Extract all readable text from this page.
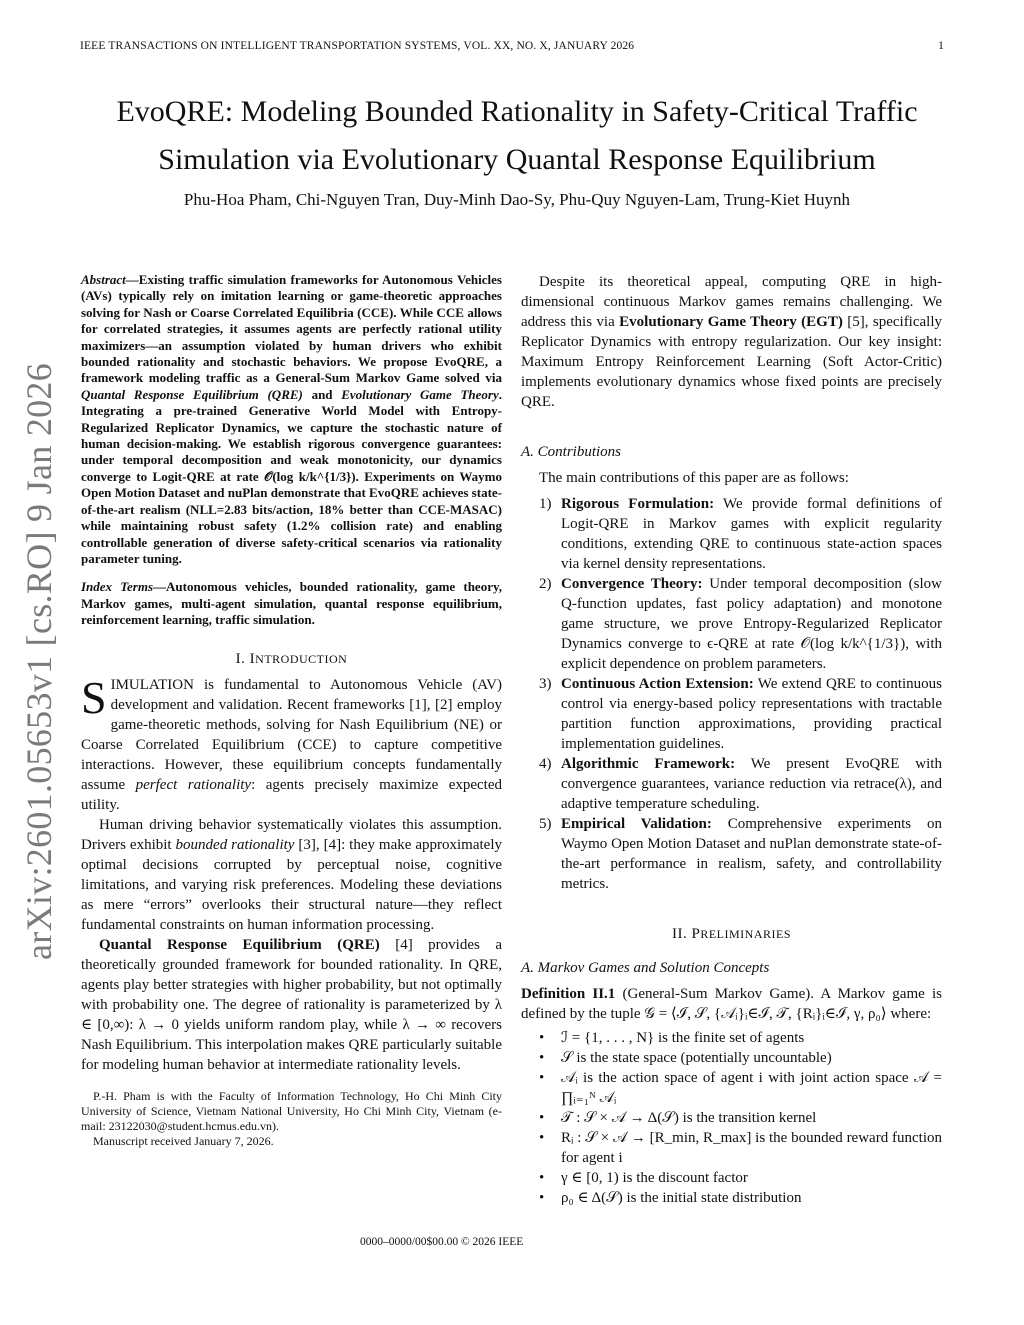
IEEE TRANSACTIONS ON INTELLIGENT TRANSPORTATION SYSTEMS, VOL. XX, NO. X, JANUARY 2026	1
arXiv:2601.05653v1 [cs.RO] 9 Jan 2026
EvoQRE: Modeling Bounded Rationality in Safety-Critical Traffic
Simulation via Evolutionary Quantal Response Equilibrium
Phu-Hoa Pham, Chi-Nguyen Tran, Duy-Minh Dao-Sy, Phu-Quy Nguyen-Lam, Trung-Kiet Huynh
Abstract—Existing traffic simulation frameworks for Autonomous Vehicles (AVs) typically rely on imitation learning or game-theoretic approaches solving for Nash or Coarse Correlated Equilibria (CCE). While CCE allows for correlated strategies, it assumes agents are perfectly rational utility maximizers—an assumption violated by human drivers who exhibit bounded rationality and stochastic behaviors. We propose EvoQRE, a framework modeling traffic as a General-Sum Markov Game solved via Quantal Response Equilibrium (QRE) and Evolutionary Game Theory. Integrating a pre-trained Generative World Model with Entropy-Regularized Replicator Dynamics, we capture the stochastic nature of human decision-making. We establish rigorous convergence guarantees: under temporal decomposition and weak monotonicity, our dynamics converge to Logit-QRE at rate 𝒪(log k/k^{1/3}). Experiments on Waymo Open Motion Dataset and nuPlan demonstrate that EvoQRE achieves state-of-the-art realism (NLL=2.83 bits/action, 18% better than CCE-MASAC) while maintaining robust safety (1.2% collision rate) and enabling controllable generation of diverse safety-critical scenarios via rationality parameter tuning.
Index Terms—Autonomous vehicles, bounded rationality, game theory, Markov games, multi-agent simulation, quantal response equilibrium, reinforcement learning, traffic simulation.
I. INTRODUCTION

SIMULATION is fundamental to Autonomous Vehicle (AV) development and validation. Recent frameworks [1], [2] employ game-theoretic methods, solving for Nash Equilibrium (NE) or Coarse Correlated Equilibrium (CCE) to capture competitive interactions. However, these equilibrium concepts fundamentally assume perfect rationality: agents precisely maximize expected utility.

Human driving behavior systematically violates this assumption. Drivers exhibit bounded rationality [3], [4]: they make approximately optimal decisions corrupted by perceptual noise, cognitive limitations, and varying risk preferences. Modeling these deviations as mere “errors” overlooks their structural nature—they reflect fundamental constraints on human information processing.

Quantal Response Equilibrium (QRE) [4] provides a theoretically grounded framework for bounded rationality. In QRE, agents play better strategies with higher probability, but not optimally with probability one. The degree of rationality is parameterized by λ ∈ [0,∞): λ → 0 yields uniform random play, while λ → ∞ recovers Nash Equilibrium. This interpolation makes QRE particularly suitable for modeling human behavior at intermediate rationality levels.

P.-H. Pham is with the Faculty of Information Technology, Ho Chi Minh City University of Science, Vietnam National University, Ho Chi Minh City, Vietnam (e-mail: 23122030@student.hcmus.edu.vn).

Manuscript received January 7, 2026.

Despite its theoretical appeal, computing QRE in high-dimensional continuous Markov games remains challenging. We address this via Evolutionary Game Theory (EGT) [5], specifically Replicator Dynamics with entropy regularization. Our key insight: Maximum Entropy Reinforcement Learning (Soft Actor-Critic) implements evolutionary dynamics whose fixed points are precisely QRE.

A. Contributions

The main contributions of this paper are as follows:

1) Rigorous Formulation: We provide formal definitions of Logit-QRE in Markov games with explicit regularity conditions, extending QRE to continuous state-action spaces via kernel density representations.
2) Convergence Theory: Under temporal decomposition (slow Q-function updates, fast policy adaptation) and monotone game structure, we prove Entropy-Regularized Replicator Dynamics converge to ϵ-QRE at rate 𝒪(log k/k^{1/3}), with explicit dependence on problem parameters.
3) Continuous Action Extension: We extend QRE to continuous control via energy-based policy representations with tractable partition function approximations, providing practical implementation guidelines.
4) Algorithmic Framework: We present EvoQRE with convergence guarantees, variance reduction via retrace(λ), and adaptive temperature scheduling.
5) Empirical Validation: Comprehensive experiments on Waymo Open Motion Dataset and nuPlan demonstrate state-of-the-art performance in realism, safety, and controllability metrics.
II. PRELIMINARIES
A. Markov Games and Solution Concepts

Definition II.1 (General-Sum Markov Game). A Markov game is defined by the tuple 𝒢 = ⟨ℐ, 𝒮, {𝒜ᵢ}ᵢ∈ℐ, 𝒯, {Rᵢ}ᵢ∈ℐ, γ, ρ₀⟩ where:

• ℐ = {1, . . . , N} is the finite set of agents
• 𝒮 is the state space (potentially uncountable)
• 𝒜ᵢ is the action space of agent i with joint action space 𝒜 = ∏ᵢ₌₁ᴺ 𝒜ᵢ
• 𝒯 : 𝒮 × 𝒜 → Δ(𝒮) is the transition kernel
• Rᵢ : 𝒮 × 𝒜 → [R_min, R_max] is the bounded reward function for agent i
• γ ∈ [0, 1) is the discount factor
• ρ₀ ∈ Δ(𝒮) is the initial state distribution
0000–0000/00$00.00 © 2026 IEEE
